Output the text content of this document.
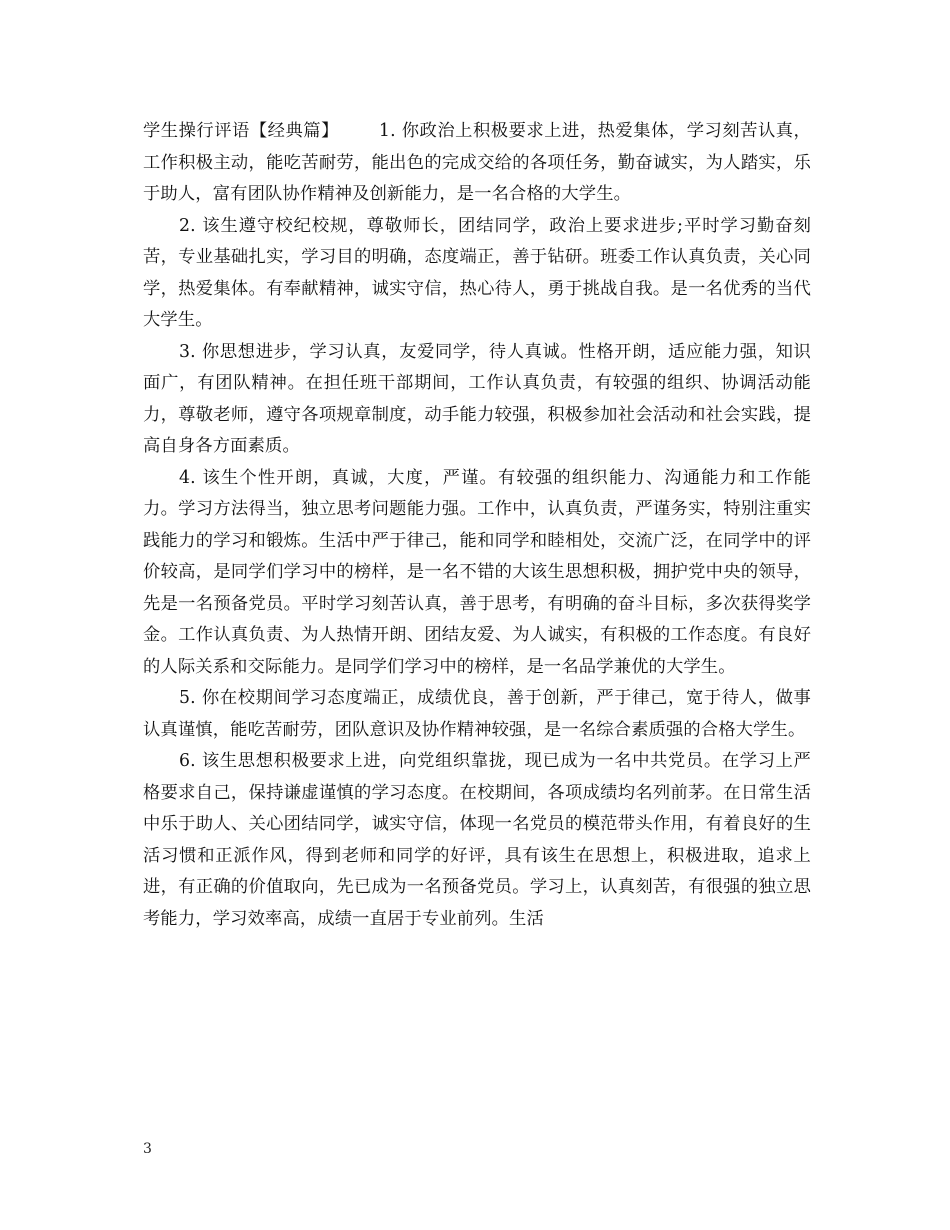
学生操行评语【经典篇】 1. 你政治上积极要求上进，热爱集体，学习刻苦认真，工作积极主动，能吃苦耐劳，能出色的完成交给的各项任务，勤奋诚实，为人踏实，乐于助人，富有团队协作精神及创新能力，是一名合格的大学生。

2. 该生遵守校纪校规，尊敬师长，团结同学，政治上要求进步;平时学习勤奋刻苦，专业基础扎实，学习目的明确，态度端正，善于钻研。班委工作认真负责，关心同学，热爱集体。有奉献精神，诚实守信，热心待人，勇于挑战自我。是一名优秀的当代大学生。

3. 你思想进步，学习认真，友爱同学，待人真诚。性格开朗，适应能力强，知识面广，有团队精神。在担任班干部期间，工作认真负责，有较强的组织、协调活动能力，尊敬老师，遵守各项规章制度，动手能力较强，积极参加社会活动和社会实践，提高自身各方面素质。

4. 该生个性开朗，真诚，大度，严谨。有较强的组织能力、沟通能力和工作能力。学习方法得当，独立思考问题能力强。工作中，认真负责，严谨务实，特别注重实践能力的学习和锻炼。生活中严于律己，能和同学和睦相处，交流广泛，在同学中的评价较高，是同学们学习中的榜样，是一名不错的大该生思想积极，拥护党中央的领导，先是一名预备党员。平时学习刻苦认真，善于思考，有明确的奋斗目标，多次获得奖学金。工作认真负责、为人热情开朗、团结友爱、为人诚实，有积极的工作态度。有良好的人际关系和交际能力。是同学们学习中的榜样，是一名品学兼优的大学生。

5. 你在校期间学习态度端正，成绩优良，善于创新，严于律己，宽于待人，做事认真谨慎，能吃苦耐劳，团队意识及协作精神较强，是一名综合素质强的合格大学生。

6. 该生思想积极要求上进，向党组织靠拢，现已成为一名中共党员。在学习上严格要求自己，保持谦虚谨慎的学习态度。在校期间，各项成绩均名列前茅。在日常生活中乐于助人、关心团结同学，诚实守信，体现一名党员的模范带头作用，有着良好的生活习惯和正派作风，得到老师和同学的好评，具有该生在思想上，积极进取，追求上进，有正确的价值取向，先已成为一名预备党员。学习上，认真刻苦，有很强的独立思考能力，学习效率高，成绩一直居于专业前列。生活

3
